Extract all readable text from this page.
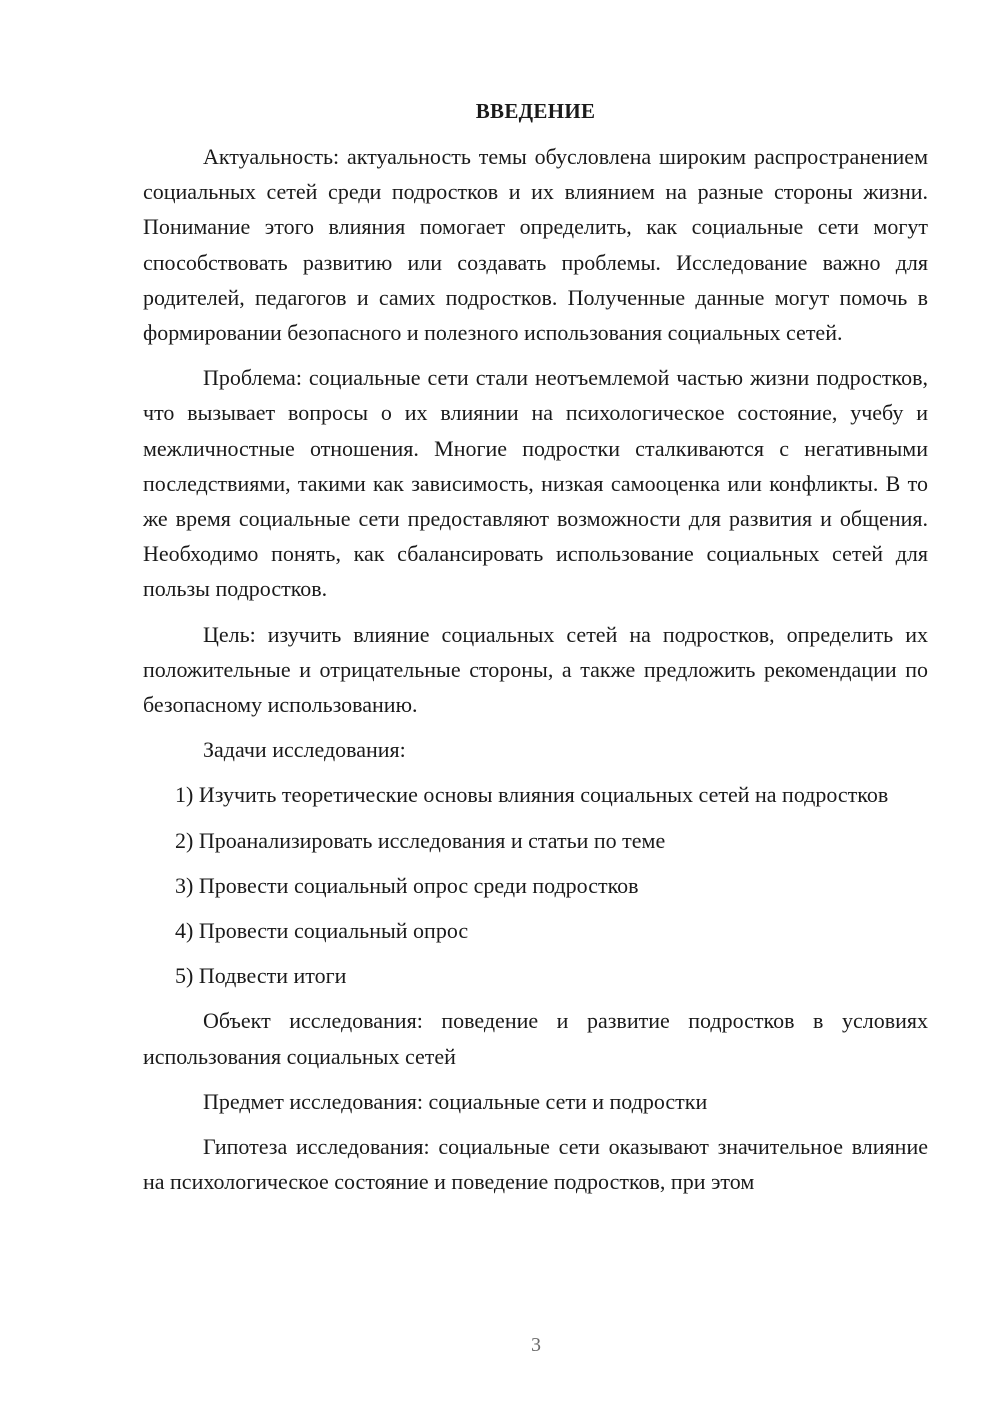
ВВЕДЕНИЕ

Актуальность: актуальность темы обусловлена широким распространением социальных сетей среди подростков и их влиянием на разные стороны жизни. Понимание этого влияния помогает определить, как социальные сети могут способствовать развитию или создавать проблемы. Исследование важно для родителей, педагогов и самих подростков. Полученные данные могут помочь в формировании безопасного и полезного использования социальных сетей.

Проблема: социальные сети стали неотъемлемой частью жизни подростков, что вызывает вопросы о их влиянии на психологическое состояние, учебу и межличностные отношения. Многие подростки сталкиваются с негативными последствиями, такими как зависимость, низкая самооценка или конфликты. В то же время социальные сети предоставляют возможности для развития и общения. Необходимо понять, как сбалансировать использование социальных сетей для пользы подростков.

Цель: изучить влияние социальных сетей на подростков, определить их положительные и отрицательные стороны, а также предложить рекомендации по безопасному использованию.

Задачи исследования:

1) Изучить теоретические основы влияния социальных сетей на подростков

2) Проанализировать исследования и статьи по теме

3) Провести социальный опрос среди подростков

4) Провести социальный опрос

5) Подвести итоги

Объект исследования: поведение и развитие подростков в условиях использования социальных сетей

Предмет исследования: социальные сети и подростки

Гипотеза исследования: социальные сети оказывают значительное влияние на психологическое состояние и поведение подростков, при этом

3
